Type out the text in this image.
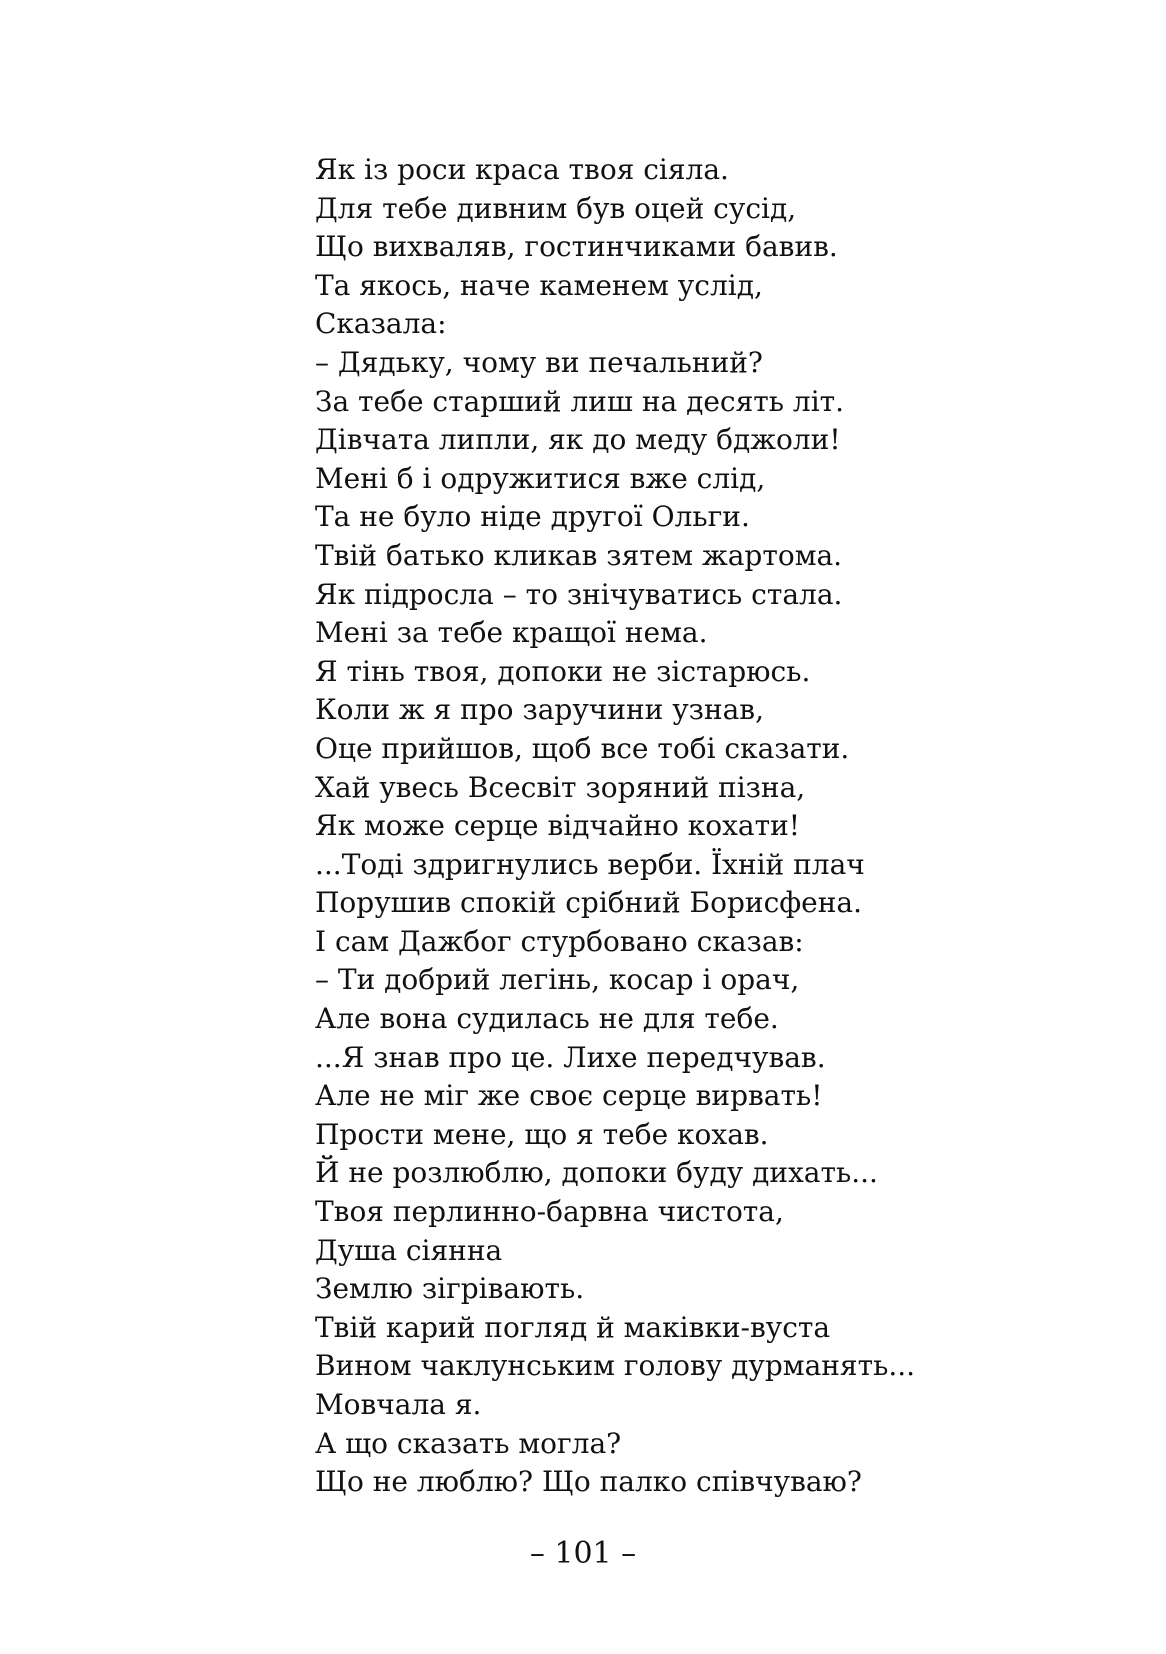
Як із роси краса твоя сіяла.
Для тебе дивним був оцей сусід,
Що вихваляв, гостинчиками бавив.
Та якось, наче каменем услід,
Сказала:
– Дядьку, чому ви печальний?
За тебе старший лиш на десять літ.
Дівчата липли, як до меду бджоли!
Мені б і одружитися вже слід,
Та не було ніде другої Ольги.
Твій батько кликав зятем жартома.
Як підросла – то знічуватись стала.
Мені за тебе кращої нема.
Я тінь твоя, допоки не зістарюсь.
Коли ж я про заручини узнав,
Оце прийшов, щоб все тобі сказати.
Хай увесь Всесвіт зоряний пізна,
Як може серце відчайно кохати!
...Тоді здригнулись верби. Їхній плач
Порушив спокій срібний Борисфена.
І сам Дажбог стурбовано сказав:
– Ти добрий легінь, косар і орач,
Але вона судилась не для тебе.
...Я знав про це. Лихе передчував.
Але не міг же своє серце вирвать!
Прости мене, що я тебе кохав.
Й не розлюблю, допоки буду дихать...
Твоя перлинно-барвна чистота,
Душа сіянна
Землю зігрівають.
Твій карий погляд й маківки-вуста
Вином чаклунським голову дурманять...
Мовчала я.
А що сказать могла?
Що не люблю? Що палко співчуваю?
– 101 –
